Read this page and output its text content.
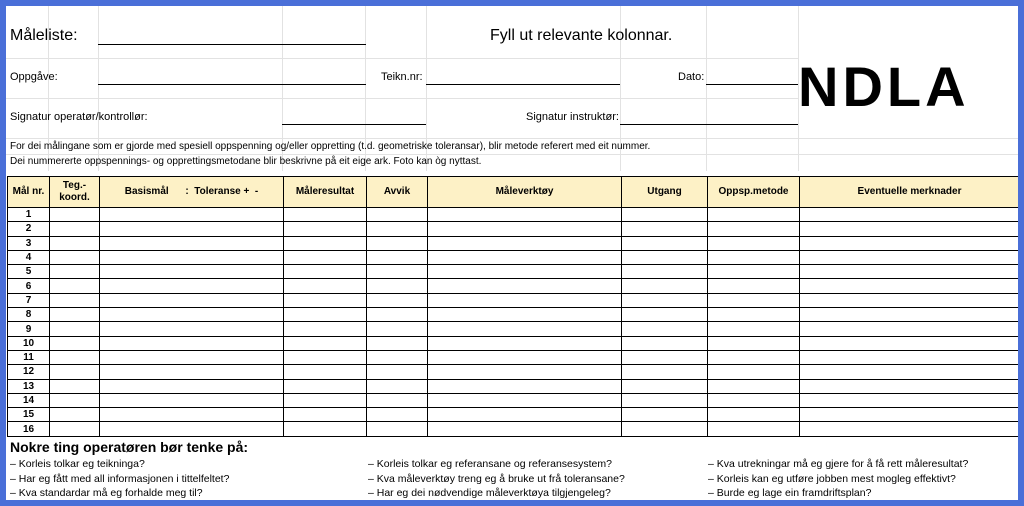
Måleliste:	Fyll ut relevante kolonnar.
Oppgåve:	Teikn.nr:	Dato:
Signatur operatør/kontrollør:	Signatur instruktør:	NDLA
For dei målingane som er gjorde med spesiell oppspenning og/eller oppretting (t.d. geometriske toleransar), blir metode referert med eit nummer.
Dei nummererte oppspennings- og opprettingsmetodane blir beskrivne på eit eige ark. Foto kan òg nyttast.
Mål nr.	Teg.- koord.	Basismål      :  Toleranse +  -	Måleresultat	Avvik	Måleverktøy	Utgang	Oppsp.metode	Eventuelle merknader
1								
2								
3								
4								
5								
6								
7								
8								
9								
10								
11								
12								
13								
14								
15								
16								
Nokre ting operatøren bør tenke på:
– Korleis tolkar eg teikninga?
– Har eg fått med all informasjonen i tittelfeltet?
– Kva standardar må eg forhalde meg til?
– Korleis tolkar eg referansane og referansesystem?
– Kva måleverktøy treng eg å bruke ut frå toleransane?
– Har eg dei nødvendige måleverktøya tilgjengeleg?
– Kva utrekningar må eg gjere for å få rett måleresultat?
– Korleis kan eg utføre jobben mest mogleg effektivt?
– Burde eg lage ein framdriftsplan?
